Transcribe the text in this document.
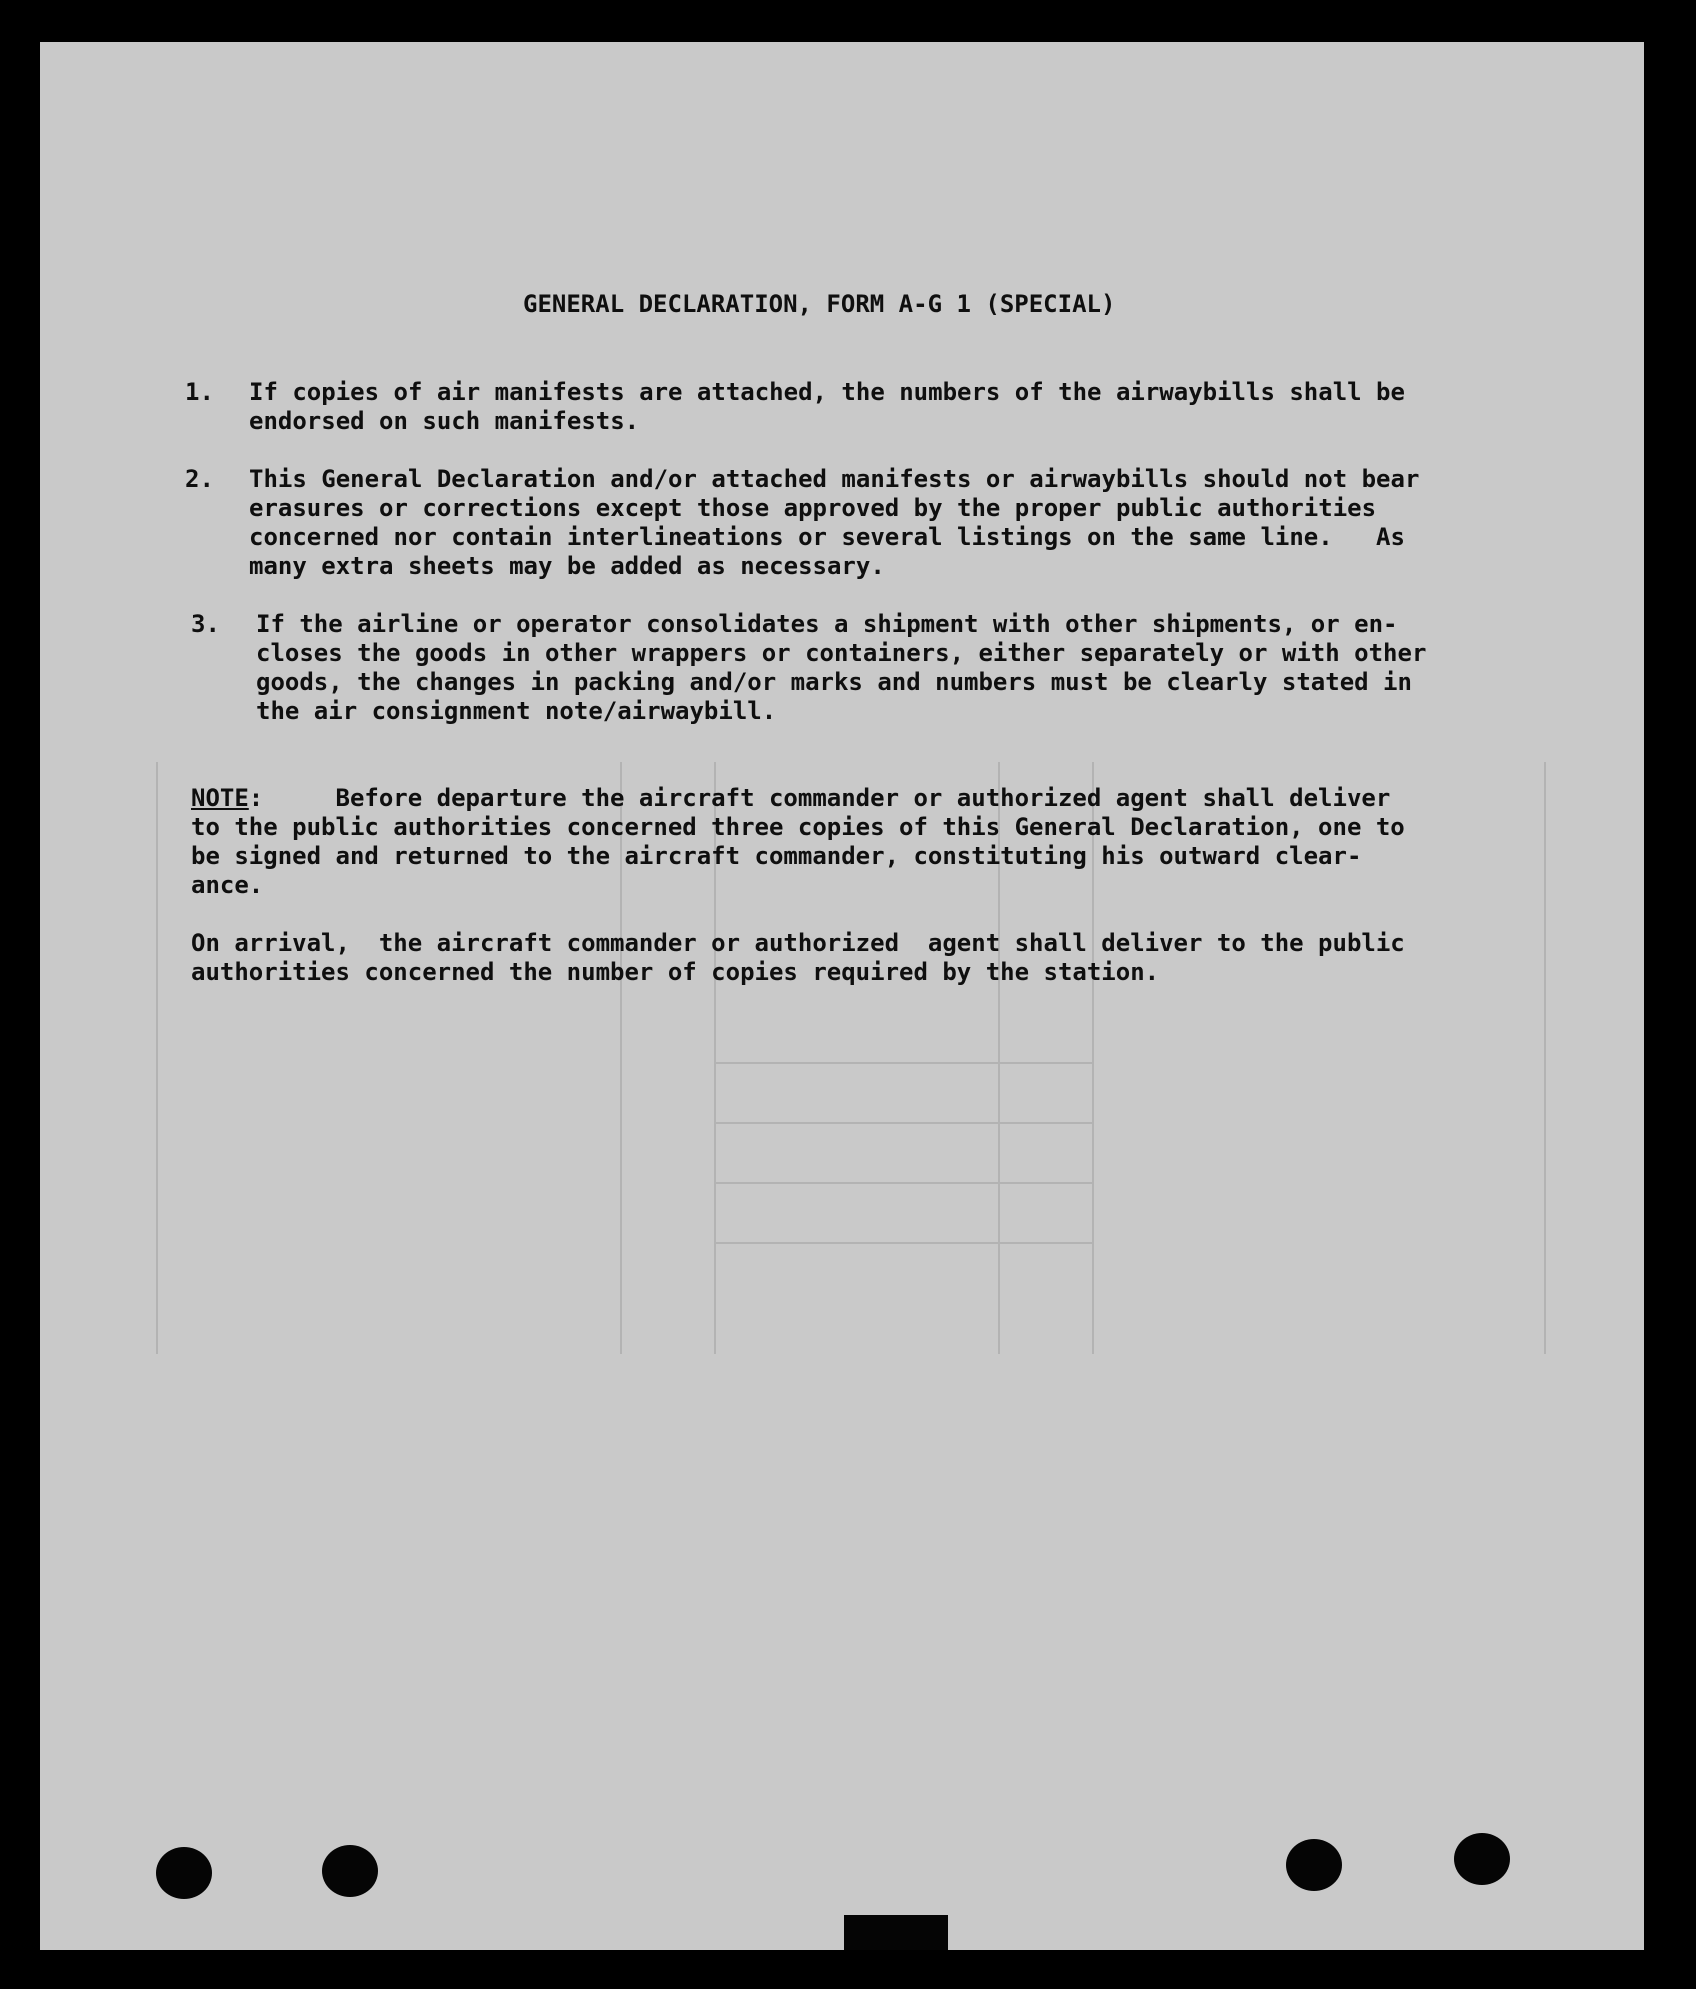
GENERAL DECLARATION, FORM A-G 1 (SPECIAL)
1. If copies of air manifests are attached, the numbers of the airwaybills shall be
endorsed on such manifests.
2. This General Declaration and/or attached manifests or airwaybills should not bear
erasures or corrections except those approved by the proper public authorities
concerned nor contain interlineations or several listings on the same line.   As
many extra sheets may be added as necessary.
3. If the airline or operator consolidates a shipment with other shipments, or en-
closes the goods in other wrappers or containers, either separately or with other
goods, the changes in packing and/or marks and numbers must be clearly stated in
the air consignment note/airwaybill.
NOTE:     Before departure the aircraft commander or authorized agent shall deliver
to the public authorities concerned three copies of this General Declaration, one to
be signed and returned to the aircraft commander, constituting his outward clear-
ance.
On arrival,  the aircraft commander or authorized  agent shall deliver to the public
authorities concerned the number of copies required by the station.
